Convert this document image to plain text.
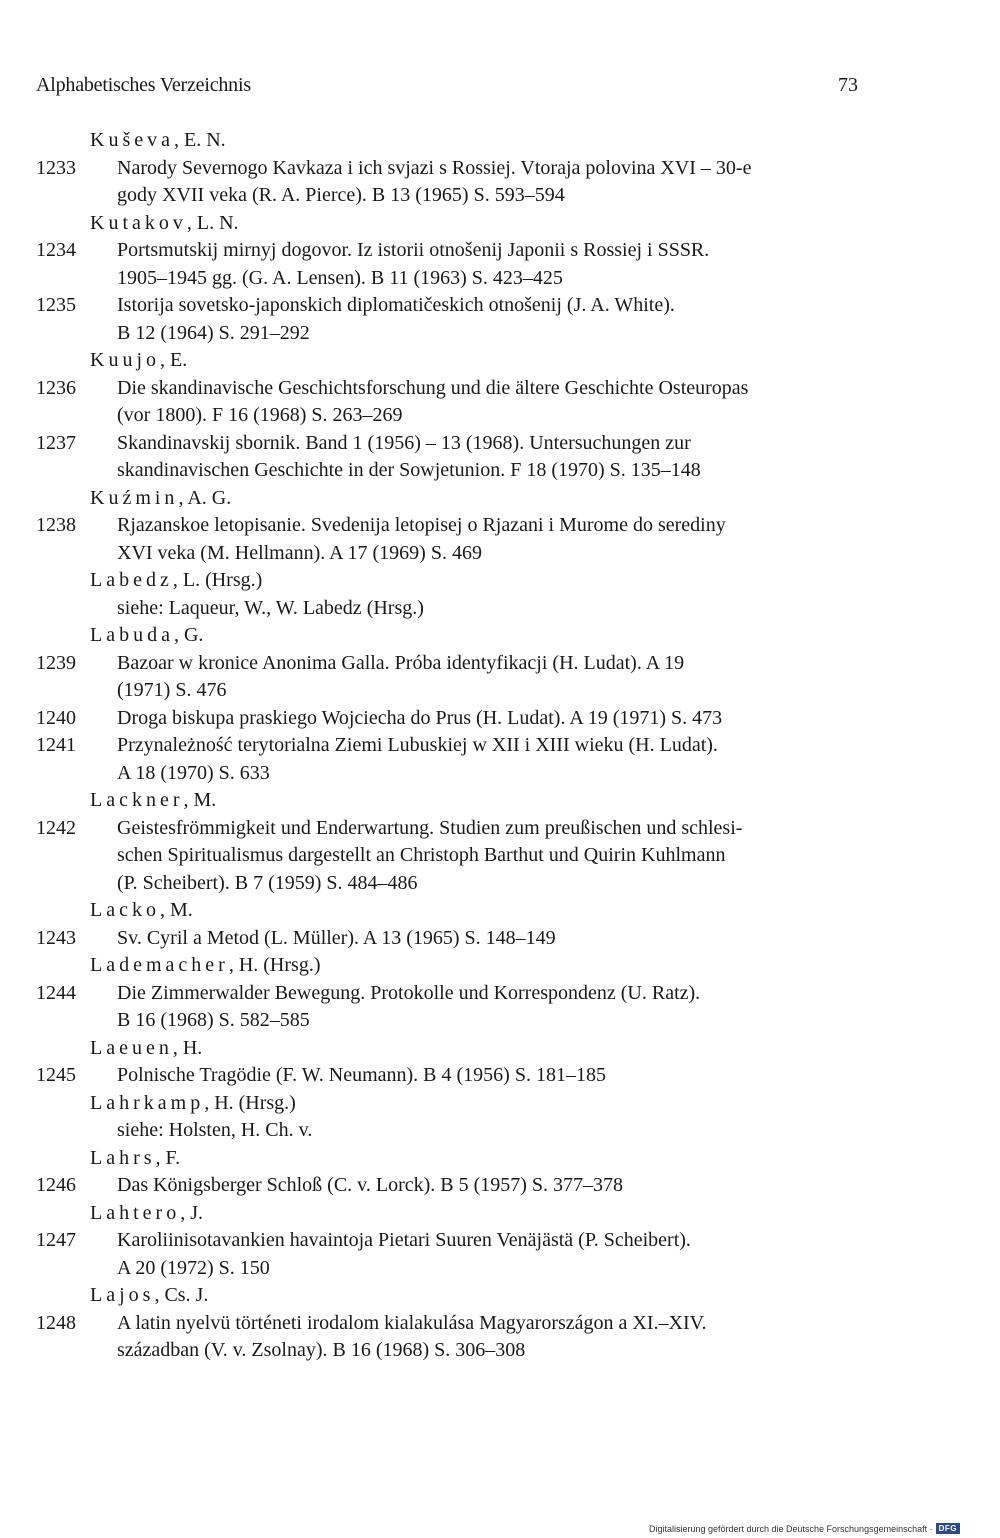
Alphabetisches Verzeichnis	73
Kuševa, E. N.
1233 Narody Severnogo Kavkaza i ich svjazi s Rossiej. Vtoraja polovina XVI – 30-e
gody XVII veka (R. A. Pierce). B 13 (1965) S. 593–594
Kutakov, L. N.
1234 Portsmutskij mirnyj dogovor. Iz istorii otnošenij Japonii s Rossiej i SSSR.
1905–1945 gg. (G. A. Lensen). B 11 (1963) S. 423–425
1235 Istorija sovetsko-japonskich diplomatičeskich otnošenij (J. A. White).
B 12 (1964) S. 291–292
Kuujo, E.
1236 Die skandinavische Geschichtsforschung und die ältere Geschichte Osteuropas
(vor 1800). F 16 (1968) S. 263–269
1237 Skandinavskij sbornik. Band 1 (1956) – 13 (1968). Untersuchungen zur
skandinavischen Geschichte in der Sowjetunion. F 18 (1970) S. 135–148
Kuźmin, A. G.
1238 Rjazanskoe letopisanie. Svedenija letopisej o Rjazani i Murome do serediny
XVI veka (M. Hellmann). A 17 (1969) S. 469
Labedz, L. (Hrsg.)
siehe: Laqueur, W., W. Labedz (Hrsg.)
Labuda, G.
1239 Bazoar w kronice Anonima Galla. Próba identyfikacji (H. Ludat). A 19
(1971) S. 476
1240 Droga biskupa praskiego Wojciecha do Prus (H. Ludat). A 19 (1971) S. 473
1241 Przynależność terytorialna Ziemi Lubuskiej w XII i XIII wieku (H. Ludat).
A 18 (1970) S. 633
Lackner, M.
1242 Geistesfrömmigkeit und Enderwartung. Studien zum preußischen und schlesi-
schen Spiritualismus dargestellt an Christoph Barthut und Quirin Kuhlmann
(P. Scheibert). B 7 (1959) S. 484–486
Lacko, M.
1243 Sv. Cyril a Metod (L. Müller). A 13 (1965) S. 148–149
Lademacher, H. (Hrsg.)
1244 Die Zimmerwalder Bewegung. Protokolle und Korrespondenz (U. Ratz).
B 16 (1968) S. 582–585
Laeuen, H.
1245 Polnische Tragödie (F. W. Neumann). B 4 (1956) S. 181–185
Lahrkamp, H. (Hrsg.)
siehe: Holsten, H. Ch. v.
Lahrs, F.
1246 Das Königsberger Schloß (C. v. Lorck). B 5 (1957) S. 377–378
Lahtero, J.
1247 Karoliinisotavankien havaintoja Pietari Suuren Venäjästä (P. Scheibert).
A 20 (1972) S. 150
Lajos, Cs. J.
1248 A latin nyelvü történeti irodalom kialakulása Magyarországon a XI.–XIV.
században (V. v. Zsolnay). B 16 (1968) S. 306–308
Digitalisierung gefördert durch die Deutsche Forschungsgemeinschaft · DFG
